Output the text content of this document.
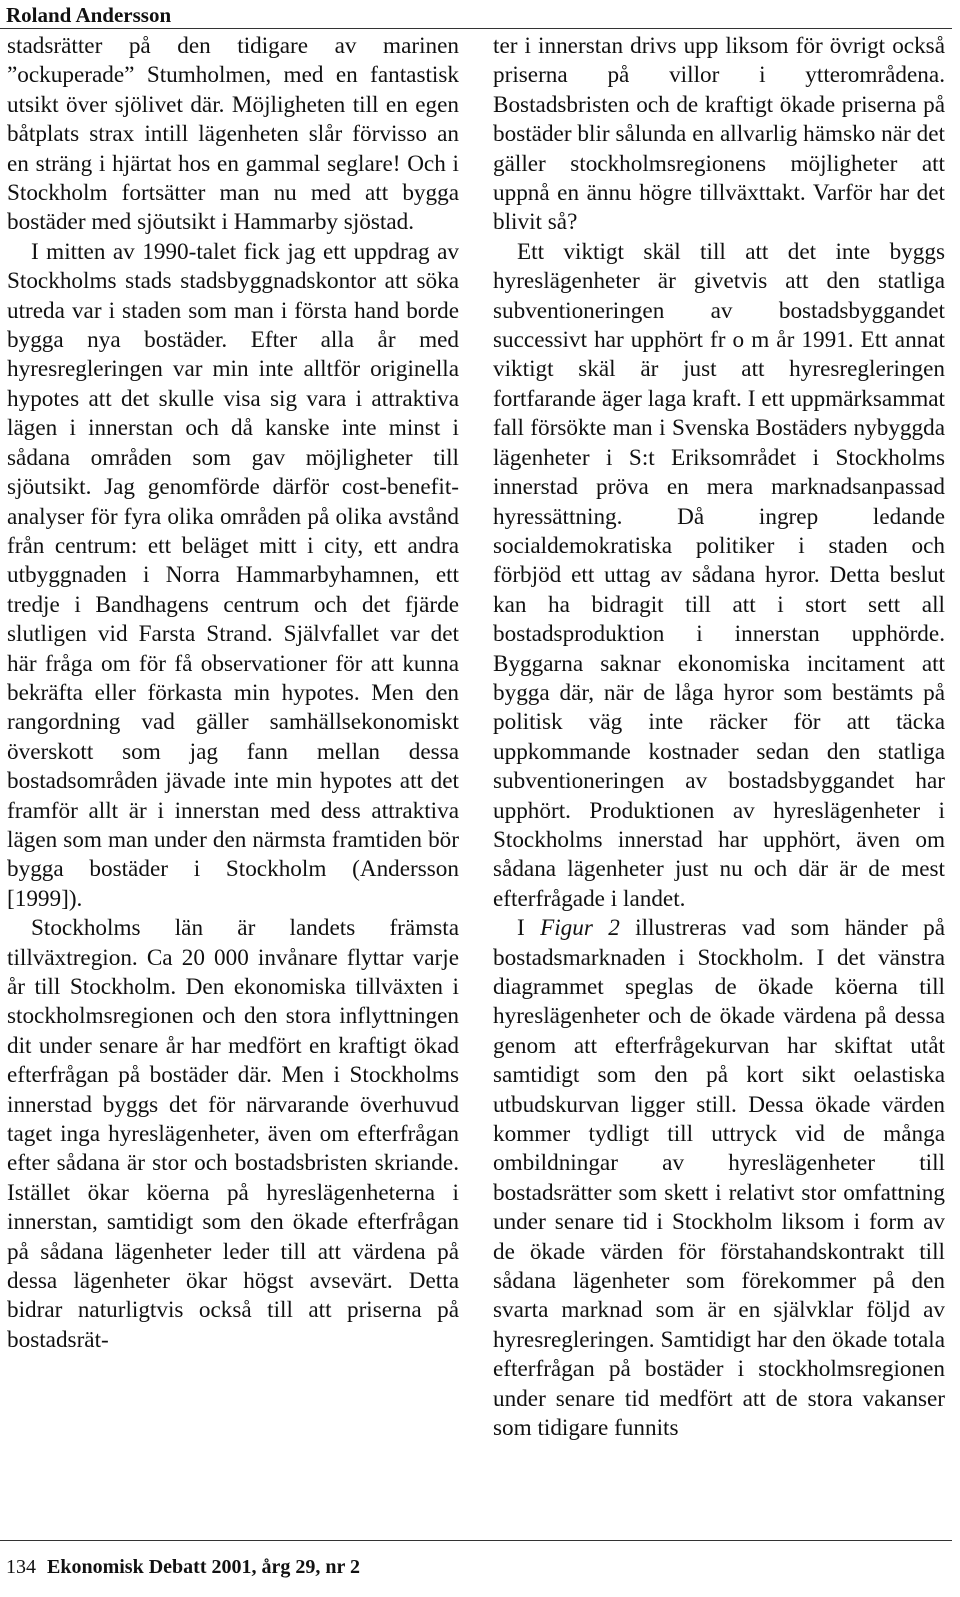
Roland Andersson

stadsrätter på den tidigare av marinen ”ockuperade” Stumholmen, med en fantastisk utsikt över sjölivet där. Möjligheten till en egen båtplats strax intill lägenheten slår förvisso an en sträng i hjärtat hos en gammal seglare! Och i Stockholm fortsätter man nu med att bygga bostäder med sjöutsikt i Hammarby sjöstad.

I mitten av 1990-talet fick jag ett uppdrag av Stockholms stads stadsbyggnadskontor att söka utreda var i staden som man i första hand borde bygga nya bostäder. Efter alla år med hyresregleringen var min inte alltför originella hypotes att det skulle visa sig vara i attraktiva lägen i innerstan och då kanske inte minst i sådana områden som gav möjligheter till sjöutsikt. Jag genomförde därför cost-benefit-analyser för fyra olika områden på olika avstånd från centrum: ett beläget mitt i city, ett andra utbyggnaden i Norra Hammarbyhamnen, ett tredje i Bandhagens centrum och det fjärde slutligen vid Farsta Strand. Självfallet var det här fråga om för få observationer för att kunna bekräfta eller förkasta min hypotes. Men den rangordning vad gäller samhällsekonomiskt överskott som jag fann mellan dessa bostadsområden jävade inte min hypotes att det framför allt är i innerstan med dess attraktiva lägen som man under den närmsta framtiden bör bygga bostäder i Stockholm (Andersson [1999]).

Stockholms län är landets främsta tillväxtregion. Ca 20 000 invånare flyttar varje år till Stockholm. Den ekonomiska tillväxten i stockholmsregionen och den stora inflyttningen dit under senare år har medfört en kraftigt ökad efterfrågan på bostäder där. Men i Stockholms innerstad byggs det för närvarande överhuvud taget inga hyreslägenheter, även om efterfrågan efter sådana är stor och bostadsbristen skriande. Istället ökar köerna på hyreslägenheterna i innerstan, samtidigt som den ökade efterfrågan på sådana lägenheter leder till att värdena på dessa lägenheter ökar högst avsevärt. Detta bidrar naturligtvis också till att priserna på bostadsrät-

ter i innerstan drivs upp liksom för övrigt också priserna på villor i ytterområdena. Bostadsbristen och de kraftigt ökade priserna på bostäder blir sålunda en allvarlig hämsko när det gäller stockholmsregionens möjligheter att uppnå en ännu högre tillväxttakt. Varför har det blivit så?

Ett viktigt skäl till att det inte byggs hyreslägenheter är givetvis att den statliga subventioneringen av bostadsbyggandet successivt har upphört fr o m år 1991. Ett annat viktigt skäl är just att hyresregleringen fortfarande äger laga kraft. I ett uppmärksammat fall försökte man i Svenska Bostäders nybyggda lägenheter i S:t Eriksområdet i Stockholms innerstad pröva en mera marknadsanpassad hyressättning. Då ingrep ledande socialdemokratiska politiker i staden och förbjöd ett uttag av sådana hyror. Detta beslut kan ha bidragit till att i stort sett all bostadsproduktion i innerstan upphörde. Byggarna saknar ekonomiska incitament att bygga där, när de låga hyror som bestämts på politisk väg inte räcker för att täcka uppkommande kostnader sedan den statliga subventioneringen av bostadsbyggandet har upphört. Produktionen av hyreslägenheter i Stockholms innerstad har upphört, även om sådana lägenheter just nu och där är de mest efterfrågade i landet.

I Figur 2 illustreras vad som händer på bostadsmarknaden i Stockholm. I det vänstra diagrammet speglas de ökade köerna till hyreslägenheter och de ökade värdena på dessa genom att efterfrågekurvan har skiftat utåt samtidigt som den på kort sikt oelastiska utbudskurvan ligger still. Dessa ökade värden kommer tydligt till uttryck vid de många ombildningar av hyreslägenheter till bostadsrätter som skett i relativt stor omfattning under senare tid i Stockholm liksom i form av de ökade värden för förstahandskontrakt till sådana lägenheter som förekommer på den svarta marknad som är en självklar följd av hyresregleringen. Samtidigt har den ökade totala efterfrågan på bostäder i stockholmsregionen under senare tid medfört att de stora vakanser som tidigare funnits

134 Ekonomisk Debatt 2001, årg 29, nr 2
